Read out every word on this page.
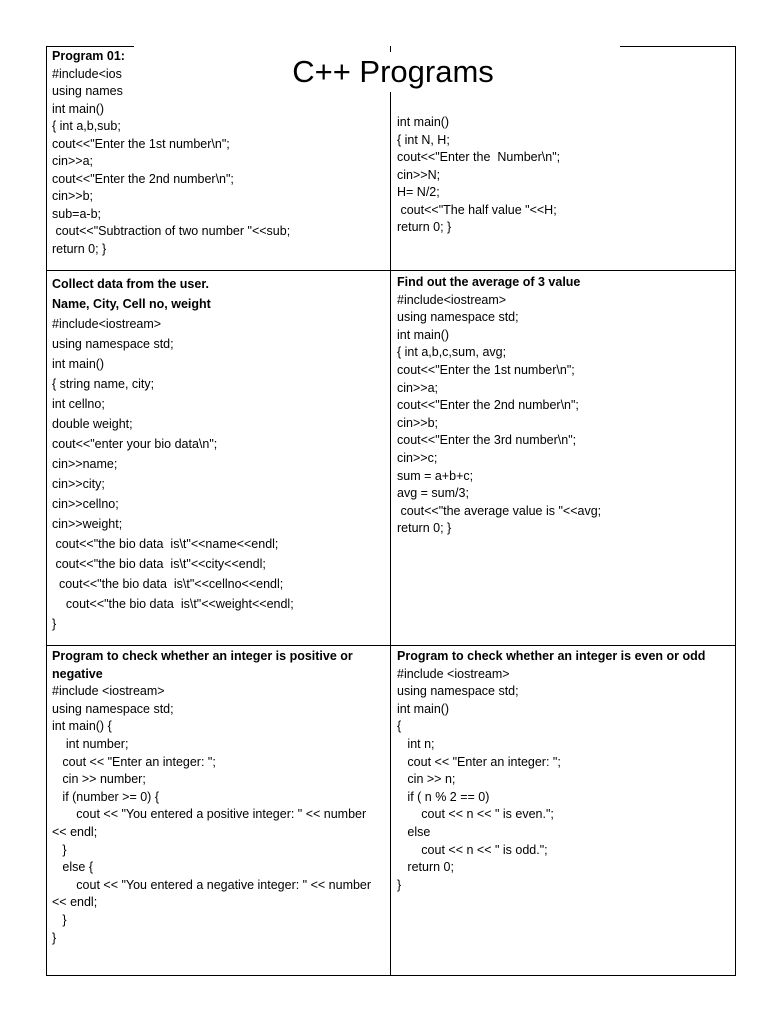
Program 01:
#include<ios
using names
int main()
{ int a,b,sub;
cout<<"Enter the 1st number\n";
cin>>a;
cout<<"Enter the 2nd number\n";
cin>>b;
sub=a-b;
cout<<"Subtraction of two number "<<sub;
return 0; }
int main()
{ int N, H;
cout<<"Enter the  Number\n";
cin>>N;
H= N/2;
cout<<"The half value "<<H;
return 0; }
Collect data from the user.
Name, City, Cell no, weight
#include<iostream>
using namespace std;
int main()
{ string name, city;
int cellno;
double weight;
cout<<"enter your bio data\n";
cin>>name;
cin>>city;
cin>>cellno;
cin>>weight;
cout<<"the bio data  is\t"<<name<<endl;
cout<<"the bio data  is\t"<<city<<endl;
cout<<"the bio data  is\t"<<cellno<<endl;
cout<<"the bio data  is\t"<<weight<<endl;
}
Find out the average of 3 value
#include<iostream>
using namespace std;
int main()
{ int a,b,c,sum, avg;
cout<<"Enter the 1st number\n";
cin>>a;
cout<<"Enter the 2nd number\n";
cin>>b;
cout<<"Enter the 3rd number\n";
cin>>c;
sum = a+b+c;
avg = sum/3;
cout<<"the average value is "<<avg;
return 0; }
Program to check whether an integer is positive or
negative
#include <iostream>
using namespace std;
int main() {
int number;
cout << "Enter an integer: ";
cin >> number;
if (number >= 0) {
cout << "You entered a positive integer: " << number
<< endl;
}
else {
cout << "You entered a negative integer: " << number
<< endl;
}
}
Program to check whether an integer is even or odd
#include <iostream>
using namespace std;
int main()
{
int n;
cout << "Enter an integer: ";
cin >> n;
if ( n % 2 == 0)
cout << n << " is even.";
else
cout << n << " is odd.";
return 0;
}
C++ Programs
